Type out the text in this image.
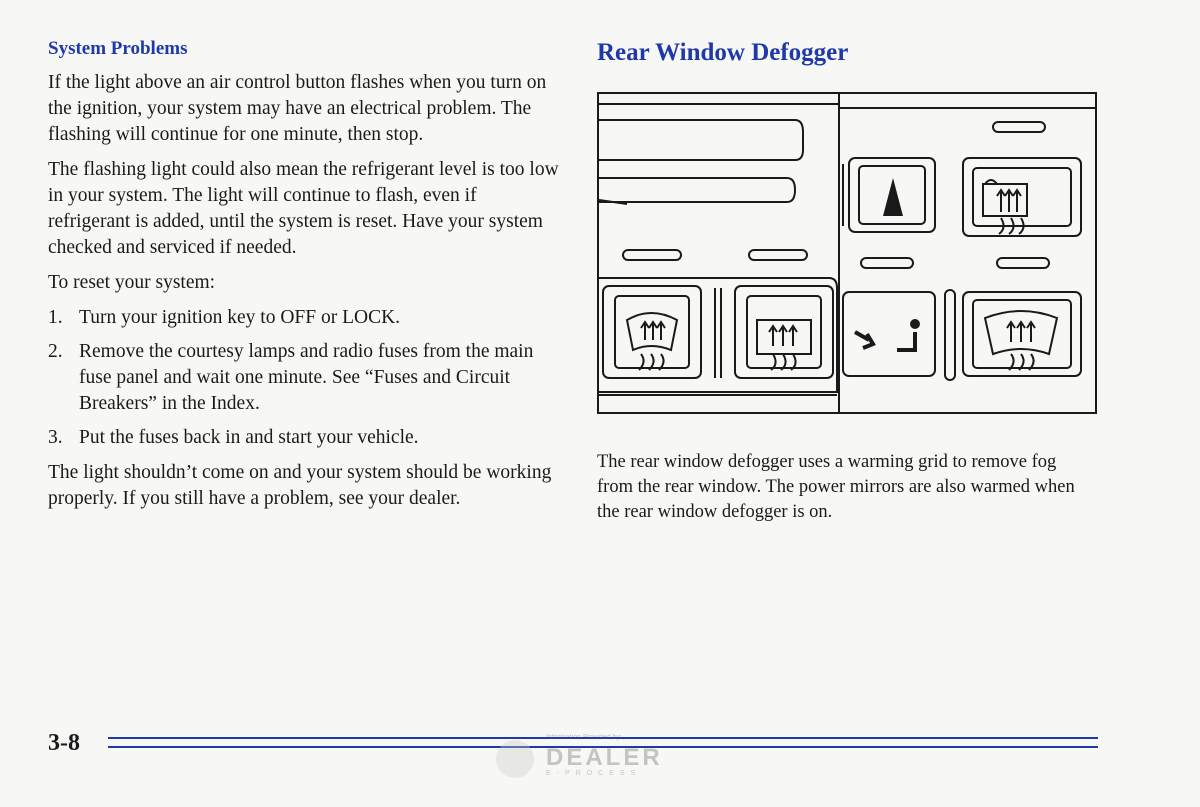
System Problems

If the light above an air control button flashes when you turn on the ignition, your system may have an electrical problem. The flashing will continue for one minute, then stop.

The flashing light could also mean the refrigerant level is too low in your system. The light will continue to flash, even if refrigerant is added, until the system is reset. Have your system checked and serviced if needed.

To reset your system:

1. Turn your ignition key to OFF or LOCK.
2. Remove the courtesy lamps and radio fuses from the main fuse panel and wait one minute. See “Fuses and Circuit Breakers” in the Index.
3. Put the fuses back in and start your vehicle.

The light shouldn’t come on and your system should be working properly. If you still have a problem, see your dealer.

Rear Window Defogger

The rear window defogger uses a warming grid to remove fog from the rear window. The power mirrors are also warmed when the rear window defogger is on.

3-8	Information Provided by:
DEALER
E-PROCESS
